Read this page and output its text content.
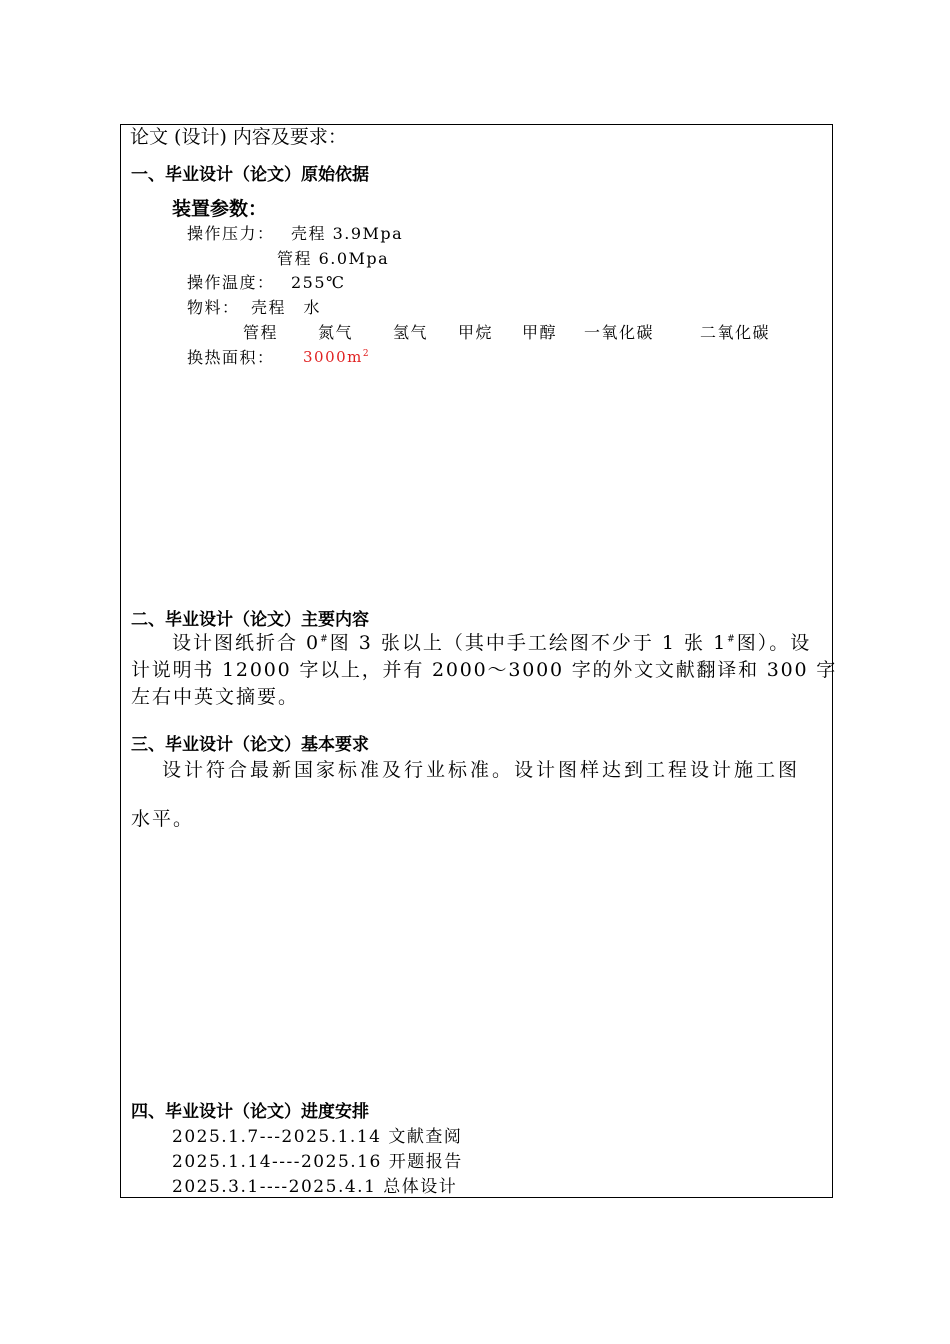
论文 (设计) 内容及要求：
一、毕业设计（论文）原始依据
装置参数：
操作压力： 壳程 3.9Mpa
管程 6.0Mpa
操作温度： 255℃
物料： 壳程　水
管程 氮气 氢气 甲烷 甲醇 一氧化碳	二氧化碳
换热面积： $3000m^2$
二、毕业设计（论文）主要内容
设计图纸折合 0#图 3 张以上（其中手工绘图不少于 1 张 1#图）。设
计说明书 12000 字以上，并有 2000～3000 字的外文文献翻译和 300 字
左右中英文摘要。
三、毕业设计（论文）基本要求
设计符合最新国家标准及行业标准。设计图样达到工程设计施工图
水平。
四、毕业设计（论文）进度安排
2025.1.7---2025.1.14 文献查阅
2025.1.14----2025.16 开题报告
2025.3.1----2025.4.1 总体设计
